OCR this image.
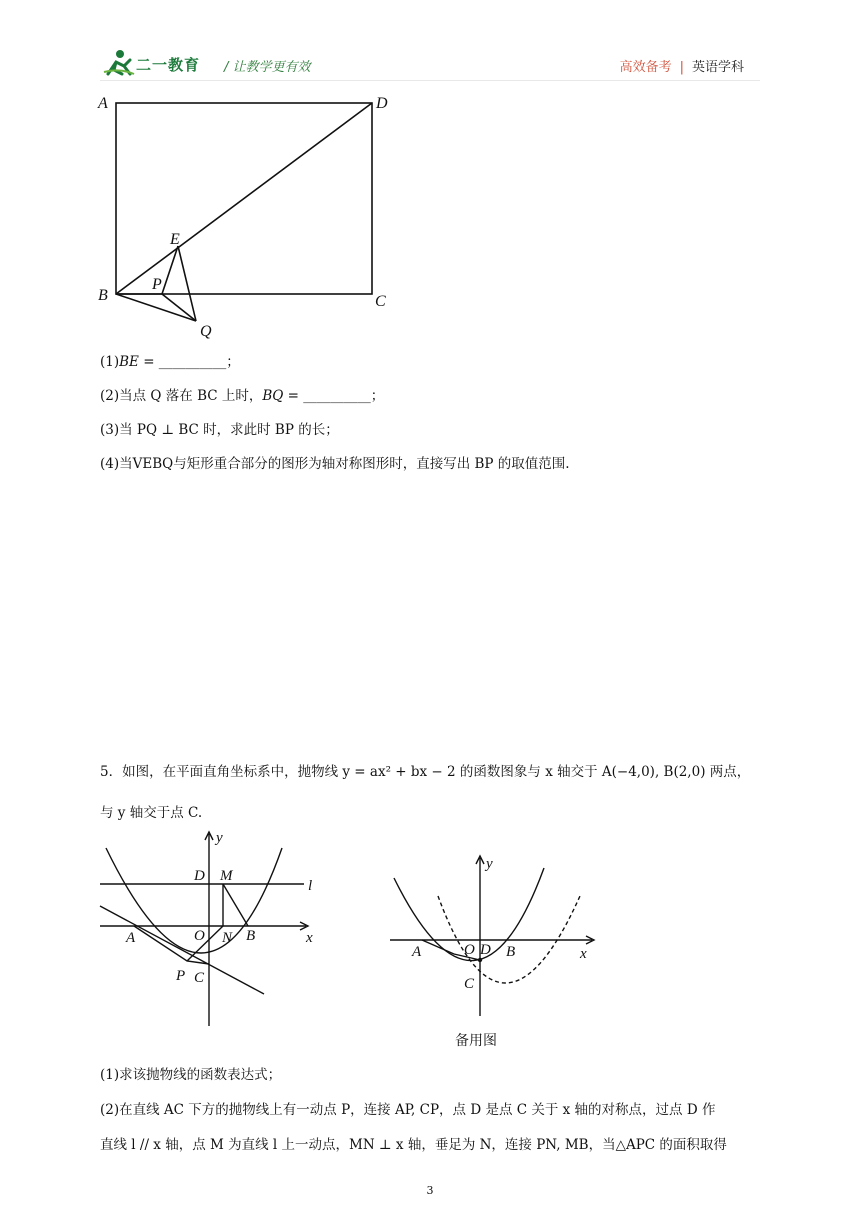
二一教育 / 让教学更有效	高效备考 | 英语学科
A	D
B	C
E
P
Q
(1)BE = __________；
(2)当点 Q 落在 BC 上时，BQ = __________；
(3)当 PQ ⊥ BC 时，求此时 BP 的长；
(4)当VEBQ与矩形重合部分的图形为轴对称图形时，直接写出 BP 的取值范围.
5．如图，在平面直角坐标系中，抛物线 y = ax² + bx − 2 的函数图象与 x 轴交于 A(−4,0), B(2,0) 两点，
与 y 轴交于点 C.
y
x
D M
l
A	O N B
P C
y
x
A	O D B
C
备用图
(1)求该抛物线的函数表达式；
(2)在直线 AC 下方的抛物线上有一动点 P，连接 AP, CP，点 D 是点 C 关于 x 轴的对称点，过点 D 作
直线 l // x 轴，点 M 为直线 l 上一动点，MN ⊥ x 轴，垂足为 N，连接 PN, MB，当△APC 的面积取得
3
